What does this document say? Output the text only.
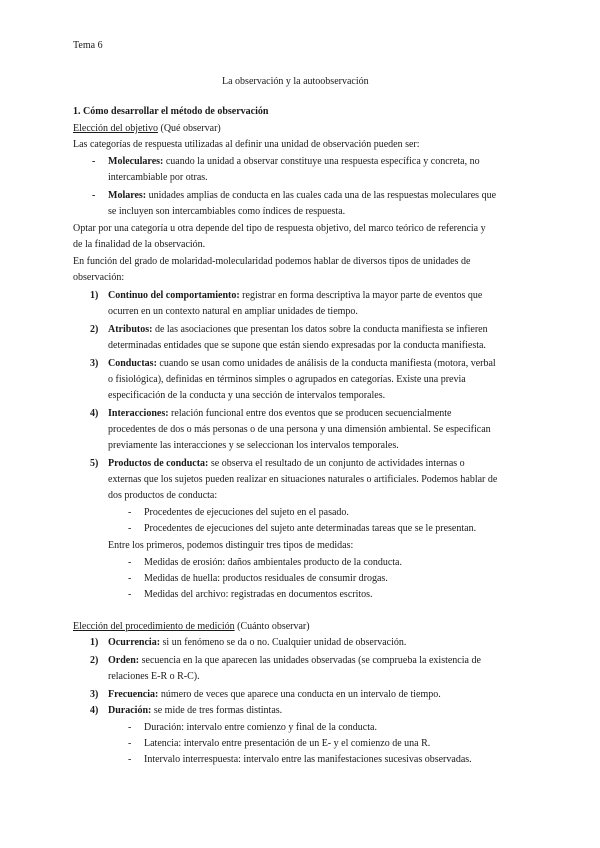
Tema 6
La observación y la autoobservación
1. Cómo desarrollar el método de observación
Elección del objetivo (Qué observar)
Las categorías de respuesta utilizadas al definir una unidad de observación pueden ser:
- Moleculares: cuando la unidad a observar constituye una respuesta específica y concreta, no
intercambiable por otras.
- Molares: unidades amplias de conducta en las cuales cada una de las respuestas moleculares que
se incluyen son intercambiables como índices de respuesta.
Optar por una categoría u otra depende del tipo de respuesta objetivo, del marco teórico de referencia y
de la finalidad de la observación.
En función del grado de molaridad-molecularidad podemos hablar de diversos tipos de unidades de
observación:
1) Continuo del comportamiento: registrar en forma descriptiva la mayor parte de eventos que
ocurren en un contexto natural en ampliar unidades de tiempo.
2) Atributos: de las asociaciones que presentan los datos sobre la conducta manifiesta se infieren
determinadas entidades que se supone que están siendo expresadas por la conducta manifiesta.
3) Conductas: cuando se usan como unidades de análisis de la conducta manifiesta (motora, verbal
o fisiológica), definidas en términos simples o agrupados en categorías. Existe una previa
especificación de la conducta y una sección de intervalos temporales.
4) Interacciones: relación funcional entre dos eventos que se producen secuencialmente
procedentes de dos o más personas o de una persona y una dimensión ambiental. Se especifican
previamente las interacciones y se seleccionan los intervalos temporales.
5) Productos de conducta: se observa el resultado de un conjunto de actividades internas o
externas que los sujetos pueden realizar en situaciones naturales o artificiales. Podemos hablar de
dos productos de conducta:
- Procedentes de ejecuciones del sujeto en el pasado.
- Procedentes de ejecuciones del sujeto ante determinadas tareas que se le presentan.
Entre los primeros, podemos distinguir tres tipos de medidas:
- Medidas de erosión: daños ambientales producto de la conducta.
- Medidas de huella: productos residuales de consumir drogas.
- Medidas del archivo: registradas en documentos escritos.
Elección del procedimiento de medición (Cuánto observar)
1) Ocurrencia: si un fenómeno se da o no. Cualquier unidad de observación.
2) Orden: secuencia en la que aparecen las unidades observadas (se comprueba la existencia de
relaciones E-R o R-C).
3) Frecuencia: número de veces que aparece una conducta en un intervalo de tiempo.
4) Duración: se mide de tres formas distintas.
- Duración: intervalo entre comienzo y final de la conducta.
- Latencia: intervalo entre presentación de un E- y el comienzo de una R.
- Intervalo interrespuesta: intervalo entre las manifestaciones sucesivas observadas.
